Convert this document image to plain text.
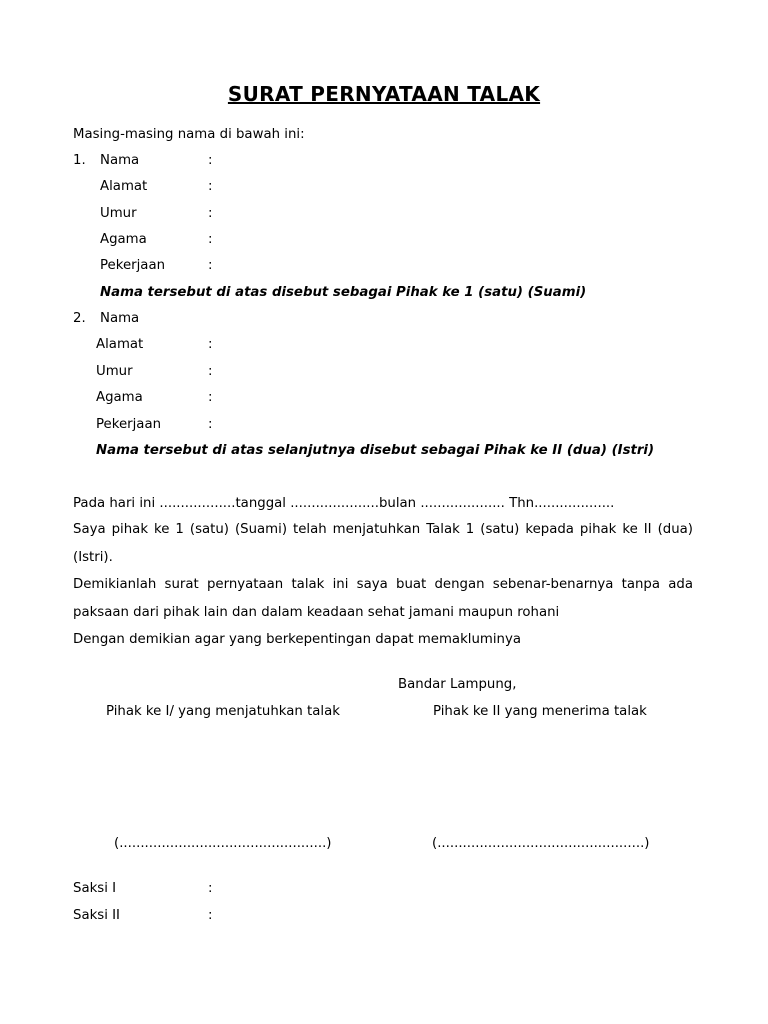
SURAT PERNYATAAN TALAK
Masing-masing nama di bawah ini:
1. Nama	:
Alamat	:
Umur	:
Agama	:
Pekerjaan	:
Nama tersebut di atas disebut sebagai Pihak ke 1 (satu) (Suami)
2. Nama
Alamat	:
Umur	:
Agama	:
Pekerjaan	:
Nama tersebut di atas selanjutnya disebut sebagai Pihak ke II (dua) (Istri)
Pada hari ini ..................tanggal .....................bulan .................... Thn...................
Saya pihak ke 1 (satu) (Suami) telah menjatuhkan Talak 1 (satu) kepada pihak ke II (dua)
(Istri).
Demikianlah surat pernyataan talak ini saya buat dengan sebenar-benarnya tanpa ada
paksaan dari pihak lain dan dalam keadaan sehat jamani maupun rohani
Dengan demikian agar yang berkepentingan dapat memakluminya
Bandar Lampung,
Pihak ke I/ yang menjatuhkan talak	Pihak ke II yang menerima talak
(.................................................)	(.................................................)
Saksi I	:
Saksi II	:
